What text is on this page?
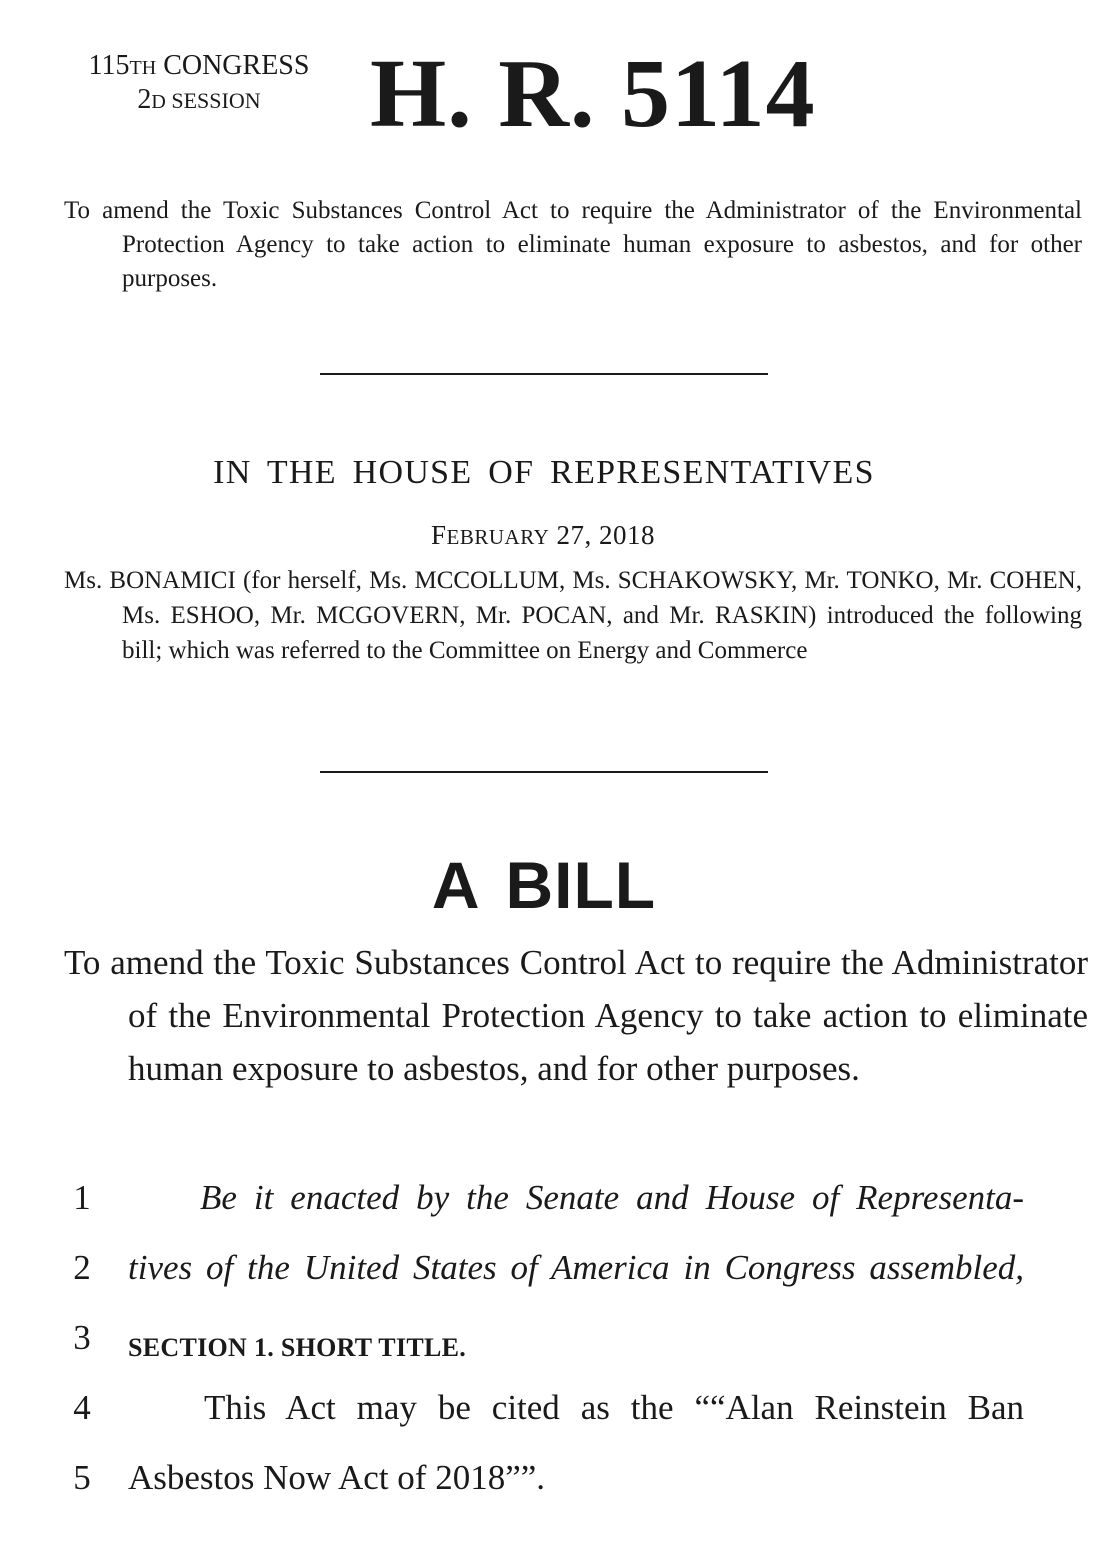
115TH CONGRESS
2D SESSION	H. R. 5114
To amend the Toxic Substances Control Act to require the Administrator of the Environmental Protection Agency to take action to eliminate human exposure to asbestos, and for other purposes.
IN THE HOUSE OF REPRESENTATIVES
FEBRUARY 27, 2018
Ms. BONAMICI (for herself, Ms. MCCOLLUM, Ms. SCHAKOWSKY, Mr. TONKO, Mr. COHEN, Ms. ESHOO, Mr. MCGOVERN, Mr. POCAN, and Mr. RASKIN) introduced the following bill; which was referred to the Committee on Energy and Commerce
A BILL
To amend the Toxic Substances Control Act to require the Administrator of the Environmental Protection Agency to take action to eliminate human exposure to asbestos, and for other purposes.
1	Be it enacted by the Senate and House of Representa-
2	tives of the United States of America in Congress assembled,
3	SECTION 1. SHORT TITLE.
4	This Act may be cited as the ““Alan Reinstein Ban
5	Asbestos Now Act of 2018””.
